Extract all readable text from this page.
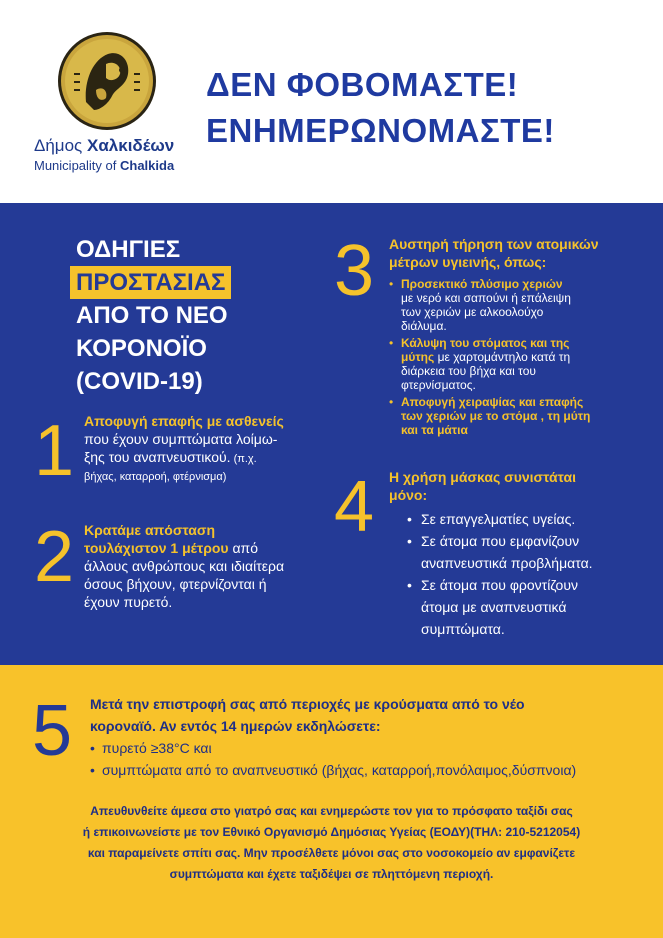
Δήμος Χαλκιδέων
Municipality of Chalkida
ΔΕΝ ΦΟΒΟΜΑΣΤΕ!
ΕΝΗΜΕΡΩΝΟΜΑΣΤΕ!
ΟΔΗΓΙΕΣ
ΠΡΟΣΤΑΣΙΑΣ
ΑΠΟ ΤΟ ΝΕΟ
ΚΟΡΟΝΟΪΟ
(COVID-19)
1 Αποφυγή επαφής με ασθενείς
που έχουν συμπτώματα λοίμω-
ξης του αναπνευστικού. (π.χ.
βήχας, καταρροή, φτέρνισμα)
2 Κρατάμε απόσταση
τουλάχιστον 1 μέτρου από
άλλους ανθρώπους και ιδιαίτερα
όσους βήχουν, φτερνίζονται ή
έχουν πυρετό.
3 Αυστηρή τήρηση των ατομικών
μέτρων υγιεινής, όπως:
• Προσεκτικό πλύσιμο χεριών
με νερό και σαπούνι ή επάλειψη
των χεριών με αλκοολούχο
διάλυμα.
• Κάλυψη του στόματος και της
μύτης με χαρτομάντηλο κατά τη
διάρκεια του βήχα και του
φτερνίσματος.
• Αποφυγή χειραψίας και επαφής
των χεριών με το στόμα , τη μύτη
και τα μάτια
4 Η χρήση μάσκας συνιστάται
μόνο:
• Σε επαγγελματίες υγείας.
• Σε άτομα που εμφανίζουν
αναπνευστικά προβλήματα.
• Σε άτομα που φροντίζουν
άτομα με αναπνευστικά
συμπτώματα.
5 Μετά την επιστροφή σας από περιοχές με κρούσματα από το νέο
κοροναϊό. Αν εντός 14 ημερών εκδηλώσετε:
• πυρετό ≥38°C και
• συμπτώματα από το αναπνευστικό (βήχας, καταρροή,πονόλαιμος,δύσπνοια)
Απευθυνθείτε άμεσα στο γιατρό σας και ενημερώστε τον για το πρόσφατο ταξίδι σας
ή επικοινωνείστε με τον Εθνικό Οργανισμό Δημόσιας Υγείας (ΕΟΔΥ)(ΤΗΛ: 210-5212054)
και παραμείνετε σπίτι σας. Μην προσέλθετε μόνοι σας στο νοσοκομείο αν εμφανίζετε
συμπτώματα και έχετε ταξιδέψει σε πληττόμενη περιοχή.
